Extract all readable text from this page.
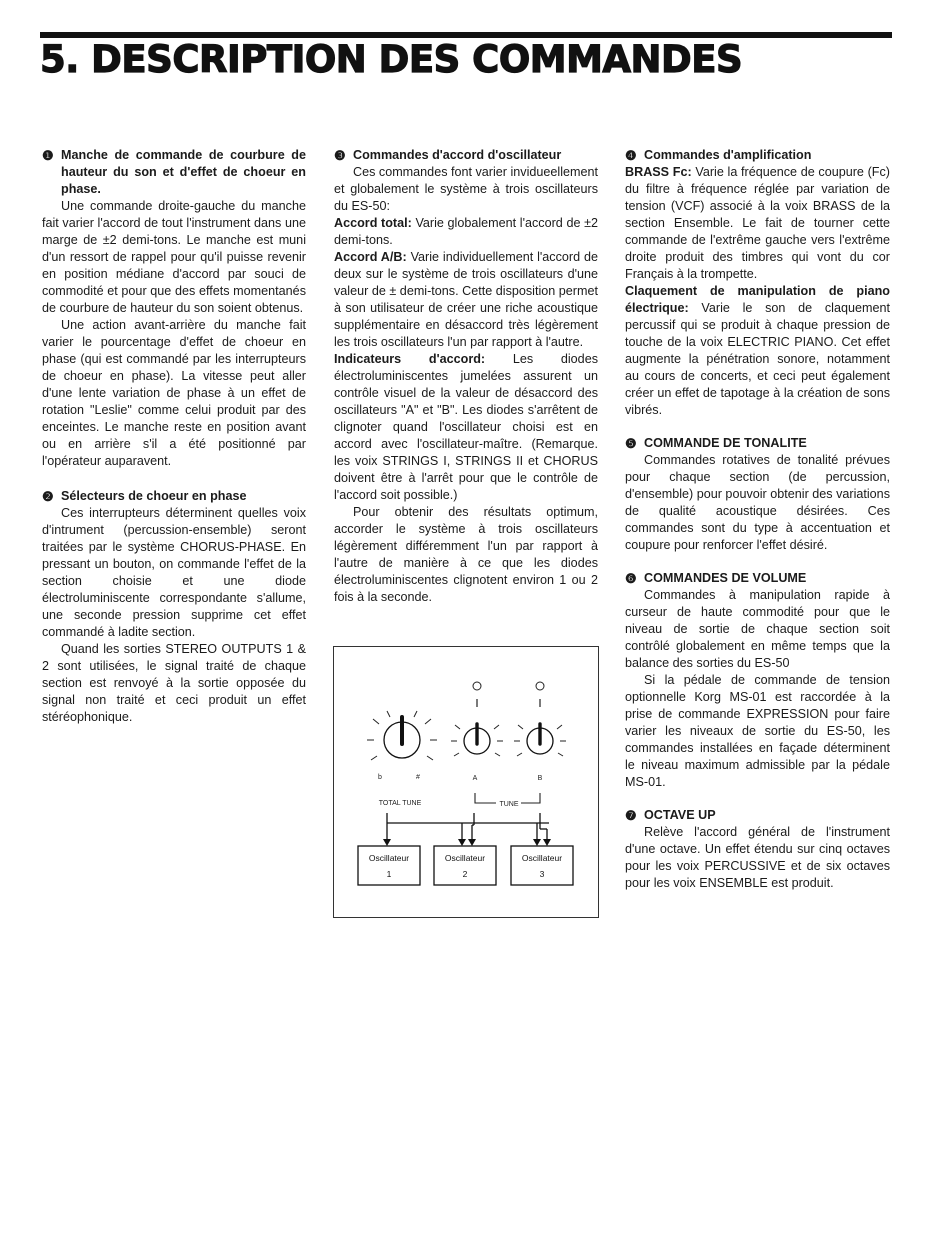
5. DESCRIPTION DES COMMANDES
❶ Manche de commande de courbure de hauteur du son et d'effet de choeur en phase.

Une commande droite-gauche du manche fait varier l'accord de tout l'instrument dans une marge de ±2 demi-tons. Le manche est muni d'un ressort de rappel pour qu'il puisse revenir en position médiane d'accord par souci de commodité et pour que des effets momentanés de courbure de hauteur du son soient obtenus.

Une action avant-arrière du manche fait varier le pourcentage d'effet de choeur en phase (qui est commandé par les interrupteurs de choeur en phase). La vitesse peut aller d'une lente variation de phase à un effet de rotation "Leslie" comme celui produit par des enceintes. Le manche reste en position avant ou en arrière s'il a été positionné par l'opérateur auparavent.

❷ Sélecteurs de choeur en phase

Ces interrupteurs déterminent quelles voix d'intrument (percussion-ensemble) seront traitées par le système CHORUS-PHASE. En pressant un bouton, on commande l'effet de la section choisie et une diode électroluminiscente correspondante s'allume, une seconde pression supprime cet effet commandé à ladite section.

Quand les sorties STEREO OUTPUTS 1 & 2 sont utilisées, le signal traité de chaque section est renvoyé à la sortie opposée du signal non traité et ceci produit un effet stéréophonique.

❸ Commandes d'accord d'oscillateur

Ces commandes font varier invidueellement et globalement le système à trois oscillateurs du ES-50:

Accord total: Varie globalement l'accord de ±2 demi-tons.

Accord A/B: Varie individuellement l'accord de deux sur le système de trois oscillateurs d'une valeur de ± demi-tons. Cette disposition permet à son utilisateur de créer une riche acoustique supplémentaire en désaccord très légèrement les trois oscillateurs l'un par rapport à l'autre.

Indicateurs d'accord: Les diodes électroluminiscentes jumelées assurent un contrôle visuel de la valeur de désaccord des oscillateurs "A" et "B". Les diodes s'arrêtent de clignoter quand l'oscillateur choisi est en accord avec l'oscillateur-maître. (Remarque. les voix STRINGS I, STRINGS II et CHORUS doivent être à l'arrêt pour que le contrôle de l'accord soit possible.)

Pour obtenir des résultats optimum, accorder le système à trois oscillateurs légèrement différemment l'un par rapport à l'autre de manière à ce que les diodes électroluminiscentes clignotent environ 1 ou 2 fois à la seconde.

b	#	A	B
TOTAL TUNE	TUNE
Oscillateur
1
Oscillateur
2
Oscillateur
3
❹ Commandes d'amplification

BRASS Fc: Varie la fréquence de coupure (Fc) du filtre à fréquence réglée par variation de tension (VCF) associé à la voix BRASS de la section Ensemble. Le fait de tourner cette commande de l'extrême gauche vers l'extrême droite produit des timbres qui vont du cor Français à la trompette.

Claquement de manipulation de piano électrique: Varie le son de claquement percussif qui se produit à chaque pression de touche de la voix ELECTRIC PIANO. Cet effet augmente la pénétration sonore, notamment au cours de concerts, et ceci peut également créer un effet de tapotage à la création de sons vibrés.

❺ COMMANDE DE TONALITE

Commandes rotatives de tonalité prévues pour chaque section (de percussion, d'ensemble) pour pouvoir obtenir des variations de qualité acoustique désirées. Ces commandes sont du type à accentuation et coupure pour renforcer l'effet désiré.

❻ COMMANDES DE VOLUME

Commandes à manipulation rapide à curseur de haute commodité pour que le niveau de sortie de chaque section soit contrôlé globalement en même temps que la balance des sorties du ES-50

Si la pédale de commande de tension optionnelle Korg MS-01 est raccordée à la prise de commande EXPRESSION pour faire varier les niveaux de sortie du ES-50, les commandes installées en façade déterminent le niveau maximum admissible par la pédale MS-01.

❼ OCTAVE UP

Relève l'accord général de l'instrument d'une octave. Un effet étendu sur cinq octaves pour les voix PERCUSSIVE et de six octaves pour les voix ENSEMBLE est produit.
